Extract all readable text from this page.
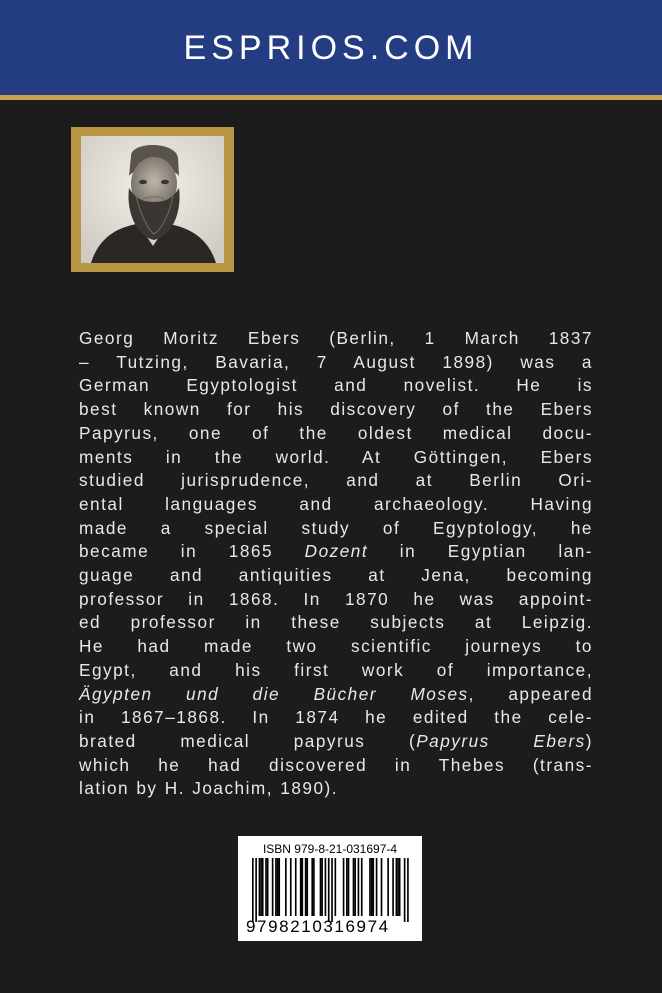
ESPRIOS.COM
Georg Moritz Ebers (Berlin, 1 March 1837
– Tutzing, Bavaria, 7 August 1898) was a
German Egyptologist and novelist. He is
best known for his discovery of the Ebers
Papyrus, one of the oldest medical docu-
ments in the world. At Göttingen, Ebers
studied jurisprudence, and at Berlin Ori-
ental languages and archaeology. Having
made a special study of Egyptology, he
became in 1865 Dozent in Egyptian lan-
guage and antiquities at Jena, becoming
professor in 1868. In 1870 he was appoint-
ed professor in these subjects at Leipzig.
He had made two scientific journeys to
Egypt, and his first work of importance,
Ägypten und die Bücher Moses, appeared
in 1867–1868. In 1874 he edited the cele-
brated medical papyrus (Papyrus Ebers)
which he had discovered in Thebes (trans-
lation by H. Joachim, 1890).
ISBN 979-8-21-031697-4
9798210316974
